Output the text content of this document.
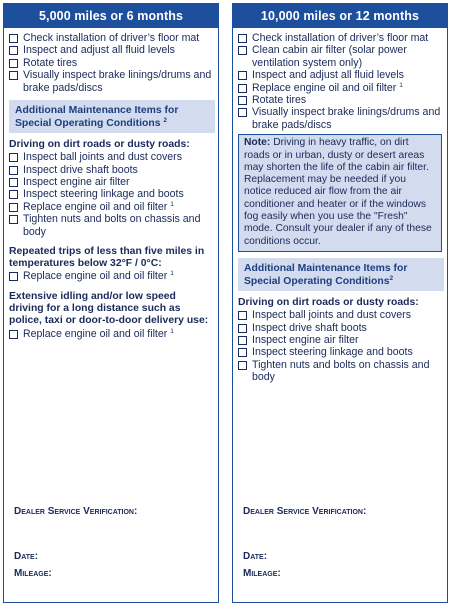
5,000 miles or 6 months
Check installation of driver’s floor mat
Inspect and adjust all fluid levels
Rotate tires
Visually inspect brake linings/drums and brake pads/discs
Additional Maintenance Items for Special Operating Conditions $^2$
Driving on dirt roads or dusty roads:
Inspect ball joints and dust covers
Inspect drive shaft boots
Inspect engine air filter
Inspect steering linkage and boots
Replace engine oil and oil filter $^1$
Tighten nuts and bolts on chassis and body
Repeated trips of less than five miles in temperatures below 32°F / 0°C:
Replace engine oil and oil filter $^1$
Extensive idling and/or low speed driving for a long distance such as police, taxi or door-to-door delivery use:
Replace engine oil and oil filter $^1$
Dealer Service Verification:
Date:
Mileage:
10,000 miles or 12 months
Check installation of driver’s floor mat
Clean cabin air filter (solar power ventilation system only)
Inspect and adjust all fluid levels
Replace engine oil and oil filter $^1$
Rotate tires
Visually inspect brake linings/drums and brake pads/discs
Note: Driving in heavy traffic, on dirt roads or in urban, dusty or desert areas may shorten the life of the cabin air filter. Replacement may be needed if you notice reduced air flow from the air conditioner and heater or if the windows fog easily when you use the "Fresh" mode. Consult your dealer if any of these conditions occur.
Additional Maintenance Items for Special Operating Conditions$^2$
Driving on dirt roads or dusty roads:
Inspect ball joints and dust covers
Inspect drive shaft boots
Inspect engine air filter
Inspect steering linkage and boots
Tighten nuts and bolts on chassis and body
Dealer Service Verification:
Date:
Mileage:
